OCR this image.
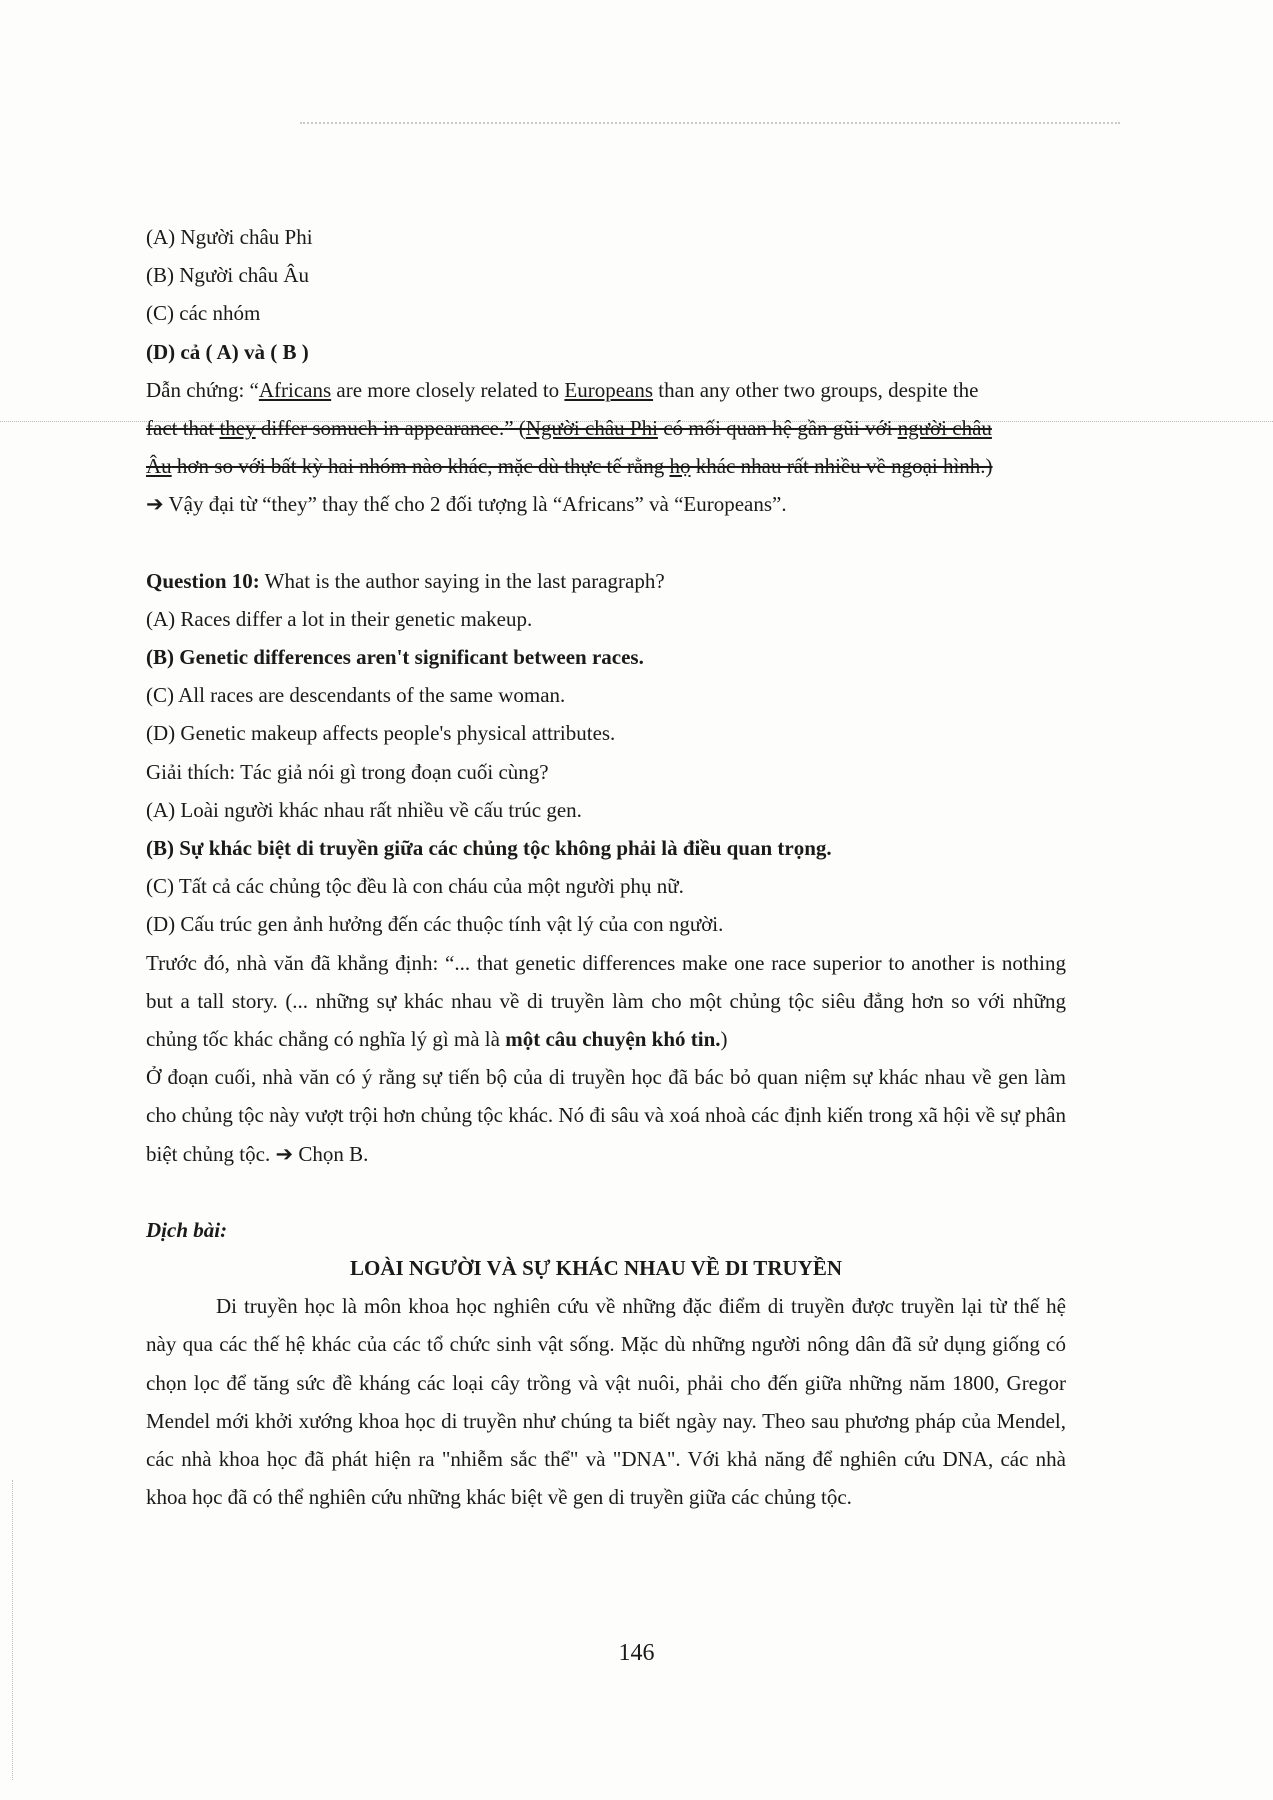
(A) Người châu Phi
(B) Người châu Âu
(C) các nhóm
(D) cả ( A) và ( B )
Dẫn chứng: “Africans are more closely related to Europeans than any other two groups, despite the
fact that they differ somuch in appearance.” (Người châu Phi có mối quan hệ gần gũi với người châu
Âu hơn so với bất kỳ hai nhóm nào khác, mặc dù thực tế rằng họ khác nhau rất nhiều về ngoại hình.)
➔ Vậy đại từ “they” thay thế cho 2 đối tượng là “Africans” và “Europeans”.
Question 10: What is the author saying in the last paragraph?
(A) Races differ a lot in their genetic makeup.
(B) Genetic differences aren't significant between races.
(C) All races are descendants of the same woman.
(D) Genetic makeup affects people's physical attributes.
Giải thích: Tác giả nói gì trong đoạn cuối cùng?
(A) Loài người khác nhau rất nhiều về cấu trúc gen.
(B) Sự khác biệt di truyền giữa các chủng tộc không phải là điều quan trọng.
(C) Tất cả các chủng tộc đều là con cháu của một người phụ nữ.
(D) Cấu trúc gen ảnh hưởng đến các thuộc tính vật lý của con người.
Trước đó, nhà văn đã khẳng định: “... that genetic differences make one race superior to another is nothing but a tall story. (... những sự khác nhau về di truyền làm cho một chủng tộc siêu đẳng hơn so với những chủng tốc khác chẳng có nghĩa lý gì mà là một câu chuyện khó tin.)
Ở đoạn cuối, nhà văn có ý rằng sự tiến bộ của di truyền học đã bác bỏ quan niệm sự khác nhau về gen làm cho chủng tộc này vượt trội hơn chủng tộc khác. Nó đi sâu và xoá nhoà các định kiến trong xã hội về sự phân biệt chủng tộc. ➔ Chọn B.
Dịch bài:
LOÀI NGƯỜI VÀ SỰ KHÁC NHAU VỀ DI TRUYỀN
Di truyền học là môn khoa học nghiên cứu về những đặc điểm di truyền được truyền lại từ thế hệ này qua các thế hệ khác của các tổ chức sinh vật sống. Mặc dù những người nông dân đã sử dụng giống có chọn lọc để tăng sức đề kháng các loại cây trồng và vật nuôi, phải cho đến giữa những năm 1800, Gregor Mendel mới khởi xướng khoa học di truyền như chúng ta biết ngày nay. Theo sau phương pháp của Mendel, các nhà khoa học đã phát hiện ra "nhiễm sắc thể" và "DNA". Với khả năng để nghiên cứu DNA, các nhà khoa học đã có thể nghiên cứu những khác biệt về gen di truyền giữa các chủng tộc.
146
